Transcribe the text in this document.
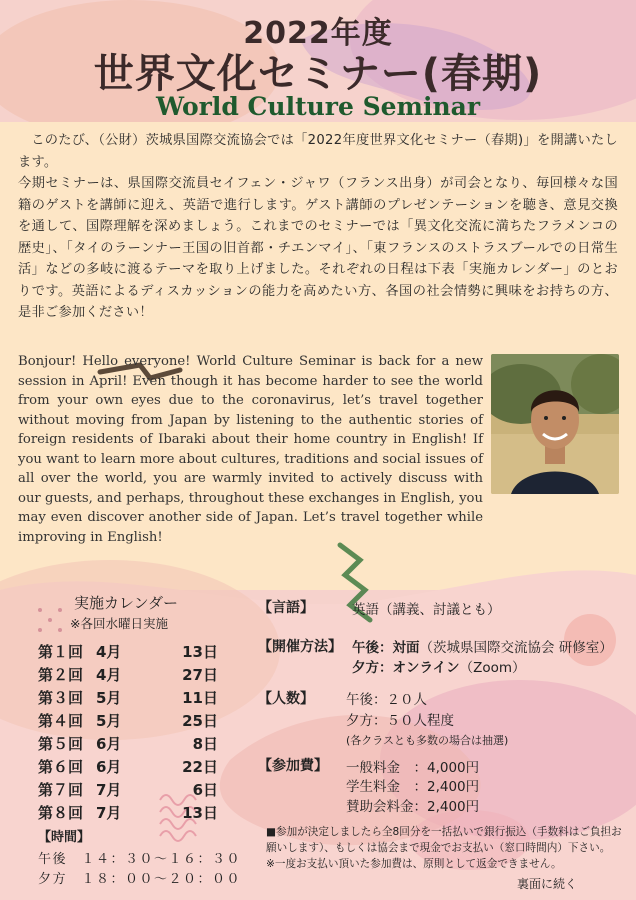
2022年度
世界文化セミナー(春期)
World Culture Seminar

このたび、（公財）茨城県国際交流協会では「2022年度世界文化セミナー（春期)」を開講いたします。

今期セミナーは、県国際交流員セイフェン・ジャワ（フランス出身）が司会となり、毎回様々な国籍のゲストを講師に迎え、英語で進行します。ゲスト講師のプレゼンテーションを聴き、意見交換を通して、国際理解を深めましょう。これまでのセミナーでは「異文化交流に満ちたフラメンコの歴史」、「タイのラーンナー王国の旧首都・チエンマイ」、「東フランスのストラスブールでの日常生活」などの多岐に渡るテーマを取り上げました。それぞれの日程は下表「実施カレンダー」のとおりです。英語によるディスカッションの能力を高めたい方、各国の社会情勢に興味をお持ちの方、是非ご参加ください！

Bonjour! Hello everyone! World Culture Seminar is back for a new session in April! Even though it has become harder to see the world from your own eyes due to the coronavirus, let’s travel together without moving from Japan by listening to the authentic stories of foreign residents of Ibaraki about their home country in English! If you want to learn more about cultures, traditions and social issues of all over the world, you are warmly invited to actively discuss with our guests, and perhaps, throughout these exchanges in English, you may even discover another side of Japan. Let’s travel together while improving in English!
実施カレンダー
※各回水曜日実施
第１回 4月	13日
第２回 4月	27日
第３回 5月	11日
第４回 5月	25日
第５回 6月	8日
第６回 6月	22日
第７回 7月	6日
第８回 7月	13日
【時間】
午後　１４：３０～１６：３０
夕方　１８：００～２０：００
【言語】	英語（講義、討議とも）
【開催方法】 午後：対面（茨城県国際交流協会 研修室）
夕方：オンライン（Zoom）
【人数】 午後：２０人
夕方：５０人程度
(各クラスとも多数の場合は抽選)
【参加費】 一般料金　：4,000円
学生料金　：2,400円
賛助会料金：2,400円
■参加が決定しましたら全8回分を一括払いで銀行振込（手数料はご負担お願いします）、もしくは協会まで現金でお支払い（窓口時間内）下さい。
※一度お支払い頂いた参加費は、原則として返金できません。
裏面に続く
